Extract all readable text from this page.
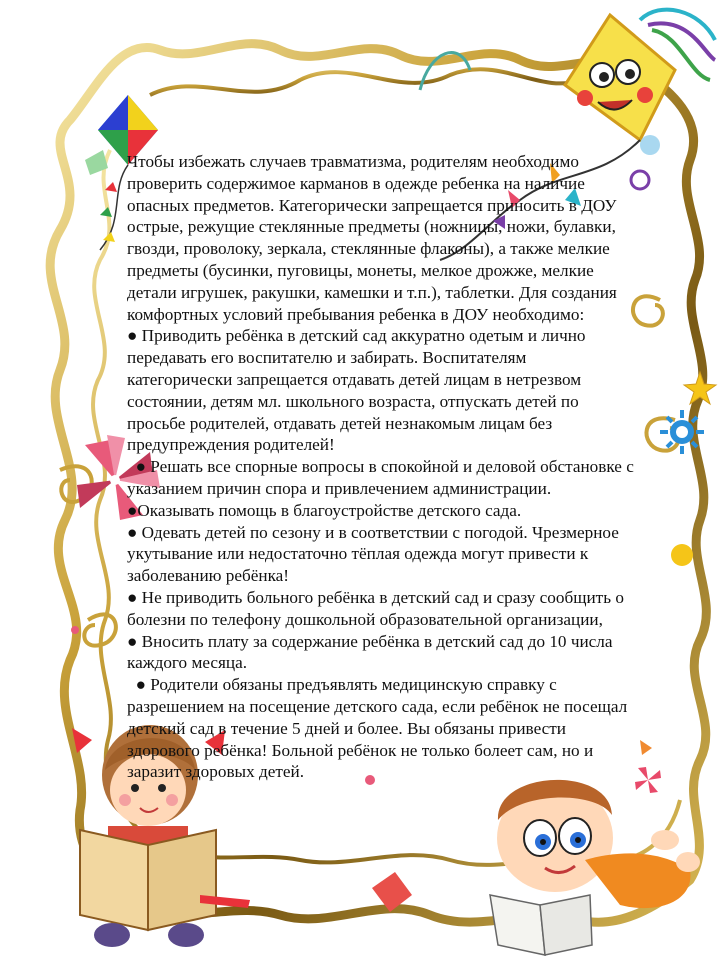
Чтобы избежать случаев травматизма, родителям необходимо
проверить содержимое карманов в одежде ребенка на наличие
опасных предметов. Категорически запрещается приносить в ДОУ
острые, режущие стеклянные предметы (ножницы, ножи, булавки,
гвозди, проволоку, зеркала, стеклянные флаконы), а также мелкие
предметы (бусинки, пуговицы, монеты, мелкое дрожже, мелкие
детали игрушек, ракушки, камешки и т.п.), таблетки. Для создания
комфортных условий пребывания ребенка в ДОУ необходимо:
● Приводить ребёнка в детский сад аккуратно одетым и лично
передавать его воспитателю и забирать. Воспитателям
категорически запрещается отдавать детей лицам в нетрезвом
состоянии, детям мл. школьного возраста, отпускать детей по
просьбе родителей, отдавать детей незнакомым лицам без
предупреждения родителей!
● Решать все спорные вопросы в спокойной и деловой обстановке с
указанием причин спора и привлечением администрации.
●Оказывать помощь в благоустройстве детского сада.
● Одевать детей по сезону и в соответствии с погодой. Чрезмерное
укутывание или недостаточно тёплая одежда могут привести к
заболеванию ребёнка!
● Не приводить больного ребёнка в детский сад и сразу сообщить о
болезни по телефону дошкольной образовательной организации,
● Вносить плату за содержание ребёнка в детский сад до 10 числа
каждого месяца.
● Родители обязаны предъявлять медицинскую справку с
разрешением на посещение детского сада, если ребёнок не посещал
детский сад в течение 5 дней и более. Вы обязаны привести
здорового ребёнка! Больной ребёнок не только болеет сам, но и
заразит здоровых детей.
